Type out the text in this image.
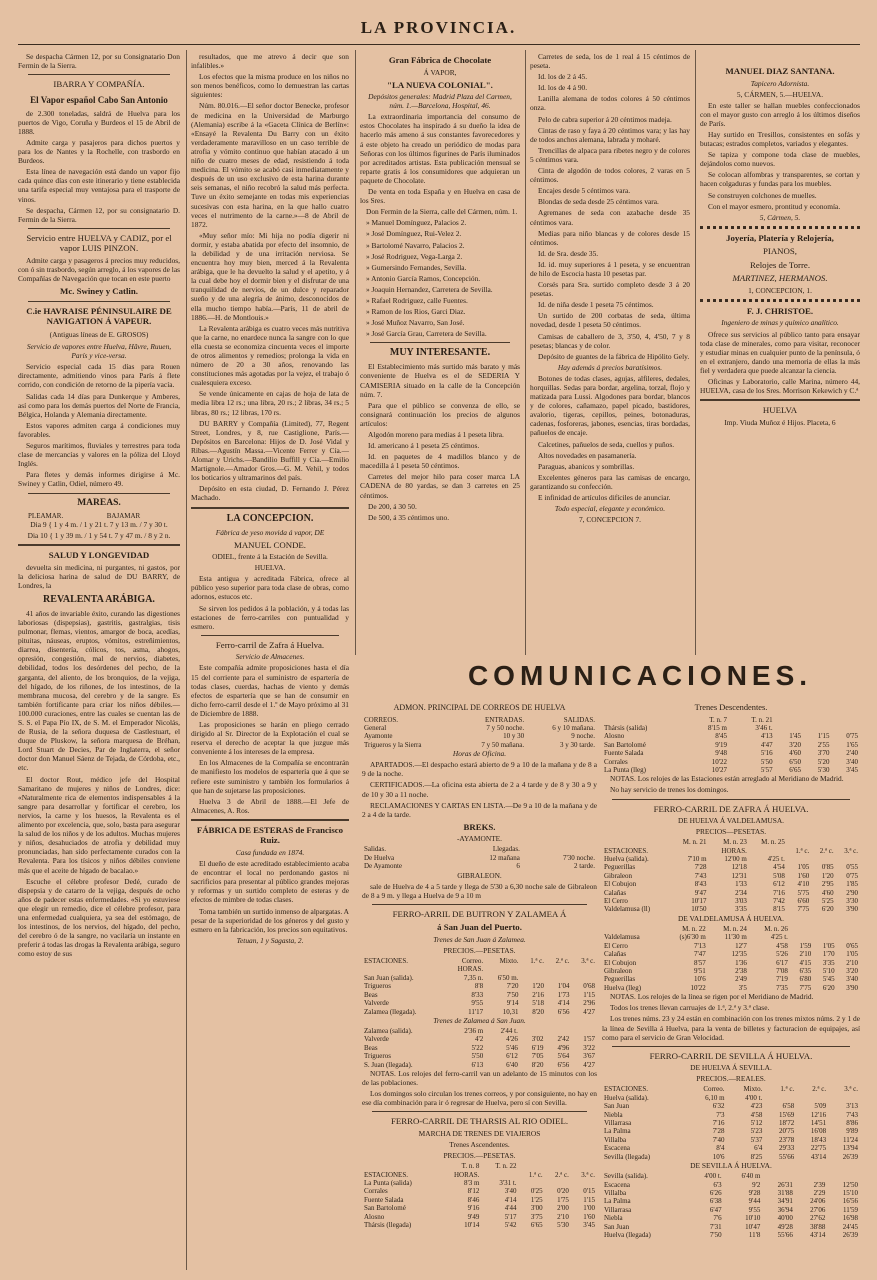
LA PROVINCIA.

Se despacha Cármen 12, por su Consignatario Don Fermin de la Sierra.

IBARRA Y COMPAÑÍA.
El Vapor español Cabo San Antonio

de 2.300 toneladas, saldrá de Huelva para los puertos de Vigo, Coruña y Burdeos el 15 de Abril de 1888.

Admite carga y pasajeros para dichos puertos y para los de Nantes y la Rochelle, con trasbordo en Burdeos.

Esta línea de navegación está dando un vapor fijo cada quince días con este itinerario y tiene establecida una tarifa especial muy ventajosa para el trasporte de vinos.

Se despacha, Cármen 12, por su consignatario D. Fermin de la Sierra.

Servicio entre HUELVA y CADIZ, por el vapor LUIS PINZON.

Admite carga y pasageros á precios muy reducidos, con ó sin trasbordo, según arreglo, á los vapores de las Compañías de Navegación que tocan en este puerto

Mc. Swiney y Catlin.
C.ie HAVRAISE PÉNINSULAIRE DE NAVIGATION Á VAPEUR.
(Antiguas líneas de E. GROSOS)

Servicio de vapores entre Huelva, Hâvre, Ruuen, París y vice-versa.

Servicio especial cada 15 días para Rouen directamente, admitiendo vinos para París á flete corrido, con condición de retorno de la pipería vacía.

Salidas cada 14 días para Dunkerque y Amberes, así como para los demás puertos del Norte de Francia, Bélgica, Holanda y Alemania directamente.

Estos vapores admiten carga á condiciones muy favorables.

Seguros marítimos, fluviales y terrestres para toda clase de mercancías y valores en la póliza del Lloyd Inglés.

Para fletes y demás informes dirigirse á Mc. Swiney y Catlin, Odiel, número 49.

MAREAS.
	PLEAMAR.	BAJAMAR

Dia 9 { 1 y 4 m. / 1 y 21 t. 7 y 13 m. / 7 y 30 t.

Dia 10 { 1 y 39 m. / 1 y 54 t. 7 y 47 m. / 8 y 2 n.

SALUD Y LONGEVIDAD

devuelta sin medicina, ni purgantes, ni gastos, por la deliciosa harina de salud de DU BARRY, de Londres, la

REVALENTA ARÁBIGA.

41 años de invariable éxito, curando las digestiones laboriosas (dispepsias), gastritis, gastralgias, tisis pulmonar, flemas, vientos, amargor de boca, acedías, pituitas, náuseas, eruptos, vómitos, estreñimientos, diarrea, disentería, cólicos, tos, asma, ahogos, opresión, congestión, mal de nervios, diabetes, debilidad, todos los desórdenes del pecho, de la garganta, del aliento, de los bronquios, de la vejiga, del hígado, de los riñones, de los intestinos, de la membrana mucosa, del cerebro y de la sangre. Es también fortificante para criar los niños débiles.—100.000 curaciones, entre las cuales se cuentan las de S. S. el Papa Pío IX, de S. M. el Emperador Nicolás, de Rusia, de la señora duquesa de Castlestuart, el duque de Pluskow, la señora marquesa de Bréhan, Lord Stuart de Decies, Par de Inglaterra, el señor doctor don Manuel Sáenz de Tejada, de Córdoba, etc., etc.

El doctor Rout, médico jefe del Hospital Samaritano de mujeres y niños de Londres, dice: «Naturalmente rica de elementos indispensables á la sangre para desarrollar y fortificar el cerebro, los nervios, la carne y los huesos, la Revalenta es el alimento por excelencia, que, solo, basta para asegurar la salud de los niños y de los adultos. Muchas mujeres y niños, desahuciados de atrofia y debilidad muy pronunciadas, han sido perfectamente curados con la Revalenta. Para los tísicos y niños débiles conviene más que el aceite de hígado de bacalao.»

Escuche el célebre profesor Dedé, curado de dispepsia y de catarro de la vejiga, después de ocho años de padecer estas enfermedades. «Si yo estuviese que elegir un remedio, dice el célebre profesor, para una enfermedad cualquiera, ya sea del estómago, de los intestinos, de los nervios, del hígado, del pecho, del cerebro ó de la sangre, no vacilaría un instante en preferir á todas las drogas la Revalenta arábiga, seguro como estoy de sus

resultados, que me atrevo á decir que son infalibles.»

Los efectos que la misma produce en los niños no son menos benéficos, como lo demuestran las cartas siguientes:

Núm. 80.016.—El señor doctor Benecke, profesor de medicina en la Universidad de Marburgo (Alemania) escribe á la «Gaceta Clínica de Berlín»: «Ensayé la Revalenta Du Barry con un éxito verdaderamente maravilloso en un caso terrible de atrofia y vómito continuo que habían atacado á un niño de cuatro meses de edad, resistiendo á toda medicina. El vómito se acabó casi inmediatamente y después de un uso exclusivo de esta harina durante seis semanas, el niño recobró la salud más perfecta. Tuve un éxito semejante en todas mis experiencias sucesivas con esta harina, en la que hallo cuatro veces el nutrimento de la carne.»—8 de Abril de 1872.

«Muy señor mío: Mi hija no podía digerir ni dormir, y estaba abatida por efecto del insomnio, de la debilidad y de una irritación nerviosa. Se encuentra hoy muy bien, merced á la Revalenta arábiga, que le ha devuelto la salud y el apetito, y á la cual debe hoy el dormir bien y el disfrutar de una tranquilidad de nervios, de un dulce y reparador sueño y de una alegría de ánimo, desconocidos de ella mucho tiempo había.—París, 11 de abril de 1886.—H. de Montlouis.»

La Revalenta arábiga es cuatro veces más nutritiva que la carne, no enardece nunca la sangre con lo que ella cuesta se economiza cincuenta veces el importe de otros alimentos y remedios; prolonga la vida en número de 20 a 30 años, renovando las constituciones más agotadas por la vejez, el trabajo ó cualesquiera exceso.

Se vende únicamente en cajas de hoja de lata de media libra 12 rs.; una libra, 20 rs.; 2 libras, 34 rs.; 5 libras, 80 rs.; 12 libras, 170 rs.

DU BARRY y Compañía (Limited), 77, Regent Street, Londres, y 8, rue Castiglione, París.—Depósitos en Barcelona: Hijos de D. José Vidal y Ribas.—Agustín Massa.—Vicente Ferrer y Cía.—Alomar y Urichs.—Bandilio Buffill y Cía.—Emilio Martignole.—Amador Gros.—G. M. Vehil, y todos los boticarios y ultramarinos del país.

Depósito en esta ciudad, D. Fernando J. Pérez Machado.

LA CONCEPCION.

Fábrica de yeso movida á vapor, DE

MANUEL CONDE.

ODIEL, frente á la Estación de Sevilla.

HUELVA.

Esta antigua y acreditada Fábrica, ofrece al público yeso superior para toda clase de obras, como adornos, estucos etc.

Se sirven los pedidos á la población, y á todas las estaciones de ferro-carriles con puntualidad y esmero.

Ferro-carril de Zafra á Huelva.

Servicio de Almacenes.

Este compañía admite proposiciones hasta el día 15 del corriente para el suministro de espartería de todas clases, cuerdas, hachas de viento y demás efectos de espartería que se han de consumir en dicho ferro-carril desde el 1.º de Mayo próximo al 31 de Diciembre de 1888.

Las proposiciones se harán en pliego cerrado dirigido al Sr. Director de la Explotación el cual se reserva el derecho de aceptar la que juzgue más conveniente á los intereses de la empresa.

En los Almacenes de la Compañía se encontrarán de manifiesto los modelos de espartería que á que se refiere este suministro y también los formularios á que han de sujetarse las proposiciones.

Huelva 3 de Abril de 1888.—El Jefe de Almacenes, A. Ros.

FÁBRICA DE ESTERAS de Francisco Ruiz.

Casa fundada en 1874.

El dueño de este acreditado establecimiento acaba de encontrar el local no perdonando gastos ni sacrificios para presentar al público grandes mejoras y reformas y un surtido completo de esteras y de efectos de mimbre de todas clases.

Toma también un surtido inmenso de alpargatas. A pesar de la superioridad de los géneros y del gusto y esmero en la fabricación, los precios son equitativos.

Tetuan, 1 y Sagasta, 2.

Gran Fábrica de Chocolate

Á VAPOR,

"LA NUEVA COLONIAL".

Depósitos generales: Madrid Plaza del Carmen, núm. 1.—Barcelona, Hospital, 46.

La extraordinaria importancia del consumo de estos Chocolates ha inspirado á su dueño la idea de hacerlo más ameno á sus constantes favorecedores y á este objeto ha creado un periódico de modas para Señoras con los últimos figurines de París iluminados por acreditados artistas. Esta publicación mensual se reparte gratis á los consumidores que adquieran un paquete de Chocolate.

De venta en toda España y en Huelva en casa de los Sres.

Don Fermin de la Sierra, calle del Cármen, núm. 1.

» Manuel Domínguez, Palacios 2.

» José Domínguez, Rui-Velez 2.

» Bartolomé Navarro, Palacios 2.

» José Rodriguez, Vega-Larga 2.

» Gumersindo Fernandes, Sevilla.

» Antonio García Ramos, Concepción.

» Joaquin Hernandez, Carretera de Sevilla.

» Rafael Rodriguez, calle Fuentes.

» Ramon de los Rios, Garci Diaz.

» José Muñoz Navarro, San José.

» José García Grau, Carretera de Sevilla.

MUY INTERESANTE.

El Establecimiento más surtido más barato y más conveniente de Huelva es el de SEDERIA Y CAMISERIA situado en la calle de la Concepción núm. 7.

Para que el público se convenza de ello, se consignará continuación los precios de algunos artículos:

Algodón moreno para medias á 1 peseta libra.

Id. americano á 1 peseta 25 céntimos.

Id. en paquetes de 4 madillos blanco y de macedilla á 1 peseta 50 céntimos.

Carretes del mejor hilo para coser marca LA CADENA de 80 yardas, se dan 3 carretes en 25 céntimos.

De 200, á 30 50.

De 500, á 35 céntimos uno.

Carretes de seda, los de 1 real á 15 céntimos de peseta.

Id. los de 2 á 45.

Id. los de 4 á 90.

Lanilla alemana de todos colores á 50 céntimos onza.

Pelo de cabra superior á 20 céntimos madeja.

Cintas de raso y faya á 20 céntimos vara; y las hay de todos anchos alemana, labrada y moharé.

Trencillas de alpaca para ribetes negro y de colores 5 céntimos vara.

Cinta de algodón de todos colores, 2 varas en 5 céntimos.

Encajes desde 5 céntimos vara.

Blondas de seda desde 25 céntimos vara.

Agremanes de seda con azabache desde 35 céntimos vara.

Medias para niño blancas y de colores desde 15 céntimos.

Id. de Sra. desde 35.

Id. id. muy superiores á 1 peseta, y se encuentran de hilo de Escocia hasta 10 pesetas par.

Corsés para Sra. surtido completo desde 3 á 20 pesetas.

Id. de niña desde 1 peseta 75 céntimos.

Un surtido de 200 corbatas de seda, última novedad, desde 1 peseta 50 céntimos.

Camisas de caballero de 3, 3'50, 4, 4'50, 7 y 8 pesetas; blancas y de color.

Depósito de guantes de la fábrica de Hipólito Gely.

Hay además á precios baratísimos.

Botones de todas clases, agujas, alfileres, dedales, horquillas. Sedas para bordar, argelina, torzal, flojo y matizada para Lussi. Algodones para bordar, blancos y de colores, cañamazo, papel picado, bastidores, avalorio, tigeras, cepillos, peines, botonaduras, cadenas, fosforeras, jabones, esencias, tiras bordadas, pañuelos de encaje.

Calcetines, pañuelos de seda, cuellos y puños.

Altos novedades en pasamanería.

Paraguas, abanicos y sombrillas.

Excelentes géneros para las camisas de encargo, garantizando su confección.

E infinidad de artículos difíciles de anunciar.

Todo especial, elegante y económico.

7, CONCEPCION 7.

MANUEL DIAZ SANTANA.

Tapicero Adornista.

5, CÁRMEN, 5.—HUELVA.

En este taller se hallan muebles confeccionados con el mayor gusto con arreglo á los últimos diseños de París.

Hay surtido en Tresillos, consistentes en sofás y butacas; estrados completos, variados y elegantes.

Se tapiza y compone toda clase de muebles, dejándolos como nuevos.

Se colocan alfombras y transparentes, se cortan y hacen colgaduras y fundas para los muebles.

Se construyen colchones de muelles.

Con el mayor esmero, prontitud y economía.

5, Cármen, 5.

Joyería, Platería y Relojería,
PIANOS,
Relojes de Torre.
MARTINEZ, HERMANOS.

1, CONCEPCION, 1.

F. J. CHRISTOE.

Ingeniero de minas y químico analítico.

Ofrece sus servicios al público tanto para ensayar toda clase de minerales, como para visitar, reconocer y estudiar minas en cualquier punto de la península, ó en el extranjero, dando una memoria de ellas la más fiel y verdadera que puede alcanzar la ciencia.

Oficinas y Laboratorio, calle Marina, número 44, HUELVA, casa de los Sres. Morrison Kekewich y C.ª

HUELVA

Imp. Viuda Muñoz é Hijos. Placeta, 6

COMUNICACIONES.
ADMON. PRINCIPAL DE CORREOS DE HUELVA
CORREOS.	ENTRADAS.	SALIDAS.
General	7 y 50 noche.	6 y 10 mañana.
Ayamonte	10 y 30	9 noche.
Trigueros y la Sierra	7 y 50 mañana.	3 y 30 tarde.

Horas de Oficina.

APARTADOS.—El despacho estará abierto de 9 a 10 de la mañana y de 8 a 9 de la noche.

CERTIFICADOS.—La oficina esta abierta de 2 a 4 tarde y de 8 y 30 a 9 y de 10 y 30 a 11 noche.

RECLAMACIONES Y CARTAS EN LISTA.—De 9 a 10 de la mañana y de 2 a 4 de la tarde.

BREKS.

-AYAMONTE.

Salidas.	Llegadas.	
De Huelva	12 mañana	7'30 noche.
De Ayamonte	6	2 tarde.

GIBRALEON.

sale de Huelva de 4 a 5 tarde y llega de 5'30 a 6,30 noche sale de Gibraleon de 8 a 9 m. y llega a Huelva de 9 a 10 m

FERRO-ARRIL DE BUITRON Y ZALAMEA Á
á San Juan del Puerto.

Trenes de San Juan á Zalamea.

PRECIOS.—PESETAS.

ESTACIONES.	Correo.	Mixto.	1.ª c.	2.ª c.	3.ª c.
	HORAS.				
San Juan (salida).	7,35 n.	6'50 m.			
Trigueros	8'8	7'20	1'20	1'04	0'68
Beas	8'33	7'50	2'16	1'73	1'15
Valverde	9'55	9'14	5'18	4'14	2'96
Zalamea (llegada).	11'17	10,31	8'20	6'56	4'27

Trenes de Zalamea á San Juan.

Zalamea (salida).	2'36 m	2'44 t.			
Valverde	4'2	4'26	3'02	2'42	1'57
Beas	5'22	5'46	6'19	4'96	3'22
Trigueros	5'50	6'12	7'05	5'64	3'67
S. Juan (llegada).	6'13	6'40	8'20	6'56	4'27

NOTAS. Los relojes del ferro-carril van un adelanto de 15 minutos con los de las poblaciones.

Los domingos solo circulan los trenes correos, y por consiguiente, no hay en ese día combinación para ir ó regresar de Huelva, pero sí con Sevilla.

FERRO-CARRIL DE THARSIS AL RIO ODIEL.

MARCHA DE TRENES DE VIAJEROS

Trenes Ascendentes.

PRECIOS.—PESETAS.

	T. n. 8	T. n. 22			
ESTACIONES.	HORAS.		1.ª c.	2.ª c.	3.ª c.
La Punta (salida)	8'3 m	3'31 t.			
Corrales	8'12	3'40	0'25	0'20	0'15
Fuente Salada	8'46	4'14	1'25	1'75	1'15
San Bartolomé	9'16	4'44	3'00	2'00	1'00
Alosno	9'49	5'17	3'75	2'10	1'60
Thársis (llegada)	10'14	5'42	6'65	5'30	3'45
Trenes Descendentes.
	T. n. 7	T. n. 21			
Thársis (salida)	8'15 m	3'46 t.			
Alosno	8'45	4'13	1'45	1'15	0'75
San Bartolomé	9'19	4'47	3'20	2'55	1'65
Fuente Salada	9'48	5'16	4'60	3'70	2'40
Corrales	10'22	5'50	6'50	5'20	3'40
La Punta (lleg)	10'27	5'57	6'65	5'30	3'45

NOTAS. Los relojes de las Estaciones están arreglado al Meridiano de Madrid.

No hay servicio de trenes los domingos.

FERRO-CARRIL DE ZAFRA Á HUELVA.

DE HUELVA Á VALDELAMUSA.

PRECIOS—PESETAS.

	M. n. 21	M. n. 23	M. n. 25			
ESTACIONES.		HORAS.		1.ª c.	2.ª c.	3.ª c.
Huelva (salida).	7'10 m	12'00 m	4'25 t.			
Peguerillas	7'28	12'18	4'54	1'05	0'85	0'55
Gibraleon	7'43	12'31	5'08	1'60	1'20	0'75
El Cobujon	8'43	1'33	6'12	4'10	2'95	1'85
Calañas	9'47	2'34	7'16	5'75	4'60	2'90
El Cerro	10'17	3'03	7'42	6'60	5'25	3'30
Valdelamusa (ll)	10'50	3'35	8'15	7'75	6'20	3'90

DE VALDELAMUSA Á HUELVA.

	M. n. 22	M. n. 24	M. n. 26			
Valdelamusa	(s)6'30 m	11'30 m	4'25 t.			
El Cerro	7'13	12'7	4'58	1'59	1'05	0'65
Calañas	7'47	12'35	5'26	2'10	1'70	1'05
El Cobujon	8'57	1'36	6'17	4'15	3'35	2'10
Gibraleon	9'51	2'38	7'08	6'35	5'10	3'20
Peguerillas	10'6	2'49	7'19	6'80	5'45	3'40
Huelva (lleg)	10'22	3'5	7'35	7'75	6'20	3'90

NOTAS. Los relojes de la línea se rigen por el Meridiano de Madrid.

Todos los trenes llevan carruajes de 1.ª, 2.ª y 3.ª clase.

Los trenes núms. 23 y 24 están en combinación con los trenes mixtos núms. 2 y 1 de la línea de Sevilla á Huelva, para la venta de billetes y facturacion de equipajes, así como para el servicio de Gran Velocidad.

FERRO-CARRIL DE SEVILLA Á HUELVA.

DE HUELVA Á SEVILLA.

PRECIOS.—REALES.

ESTACIONES.	Correo.	Mixto.	1.ª c.	2.ª c.	3.ª c.
Huelva (salida).	6,10 m	4'00 t.			
San Juan	6'32	4'23	6'58	5'09	3'13
Niebla	7'3	4'58	15'69	12'16	7'43
Villarrasa	7'16	5'12	18'72	14'51	8'86
La Palma	7'28	5'23	20'75	16'08	9'89
Villalba	7'40	5'37	23'78	18'43	11'24
Escacena	8'4	6'4	29'33	22'75	13'94
Sevilla (llegada)	10'6	8'25	55'66	43'14	26'39

DE SEVILLA Á HUELVA.

Sevilla (salida).	4'00 t.	6'40 m			
Escacena	6'3	9'2	26'31	2'39	12'50
Villalba	6'26	9'28	31'88	2'29	15'10
La Palma	6'38	9'44	34'91	24'06	16'56
Villarrasa	6'47	9'55	36'94	27'06	11'59
Niebla	7'6	10'10	40'00	27'62	16'98
San Juan	7'31	10'47	49'28	38'88	24'45
Huelva (llegada)	7'50	11'8	55'66	43'14	26'39
